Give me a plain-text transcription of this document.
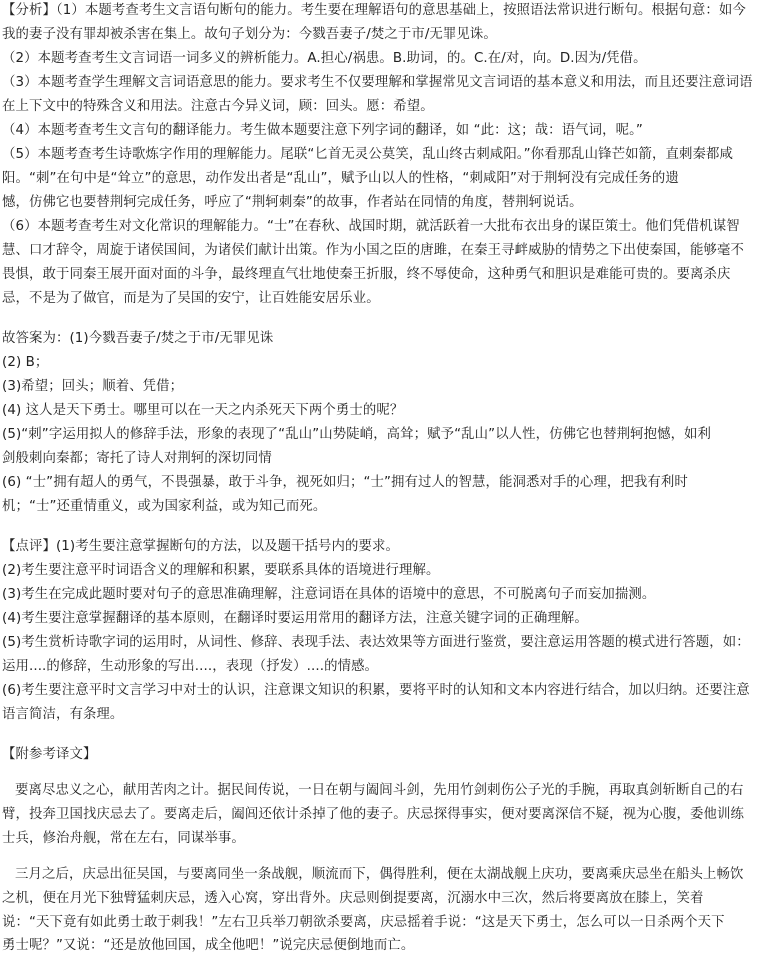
【分析】（1）本题考查考生文言语句断句的能力。考生要在理解语句的意思基础上，按照语法常识进行断句。根据句意：如今
我的妻子没有罪却被杀害在集上。故句子划分为：今戮吾妻子/焚之于市/无罪见诛。
（2）本题考查考生文言词语一词多义的辨析能力。A.担心/祸患。B.助词，的。C.在/对，向。D.因为/凭借。
（3）本题考查学生理解文言词语意思的能力。要求考生不仅要理解和掌握常见文言词语的基本意义和用法，而且还要注意词语
在上下文中的特殊含义和用法。注意古今异义词，顾：回头。愿：希望。
（4）本题考查考生文言句的翻译能力。考生做本题要注意下列字词的翻译，如 “此：这；哉：语气词，呢。”
（5）本题考查考生诗歌炼字作用的理解能力。尾联“匕首无灵公莫笑，乱山终古刺咸阳。”你看那乱山锋芒如箭，直刺秦都咸
阳。“刺”在句中是“耸立”的意思，动作发出者是“乱山”，赋予山以人的性格，“刺咸阳”对于荆轲没有完成任务的遗
憾，仿佛它也要替荆轲完成任务，呼应了“荆轲刺秦”的故事，作者站在同情的角度，替荆轲说话。
（6）本题考查考生对文化常识的理解能力。“士”在春秋、战国时期，就活跃着一大批布衣出身的谋臣策士。他们凭借机谋智
慧、口才辞令，周旋于诸侯国间，为诸侯们献计出策。作为小国之臣的唐雎，在秦王寻衅威胁的情势之下出使秦国，能够毫不
畏惧，敢于同秦王展开面对面的斗争，最终理直气壮地使秦王折服，终不辱使命，这种勇气和胆识是难能可贵的。要离杀庆
忌，不是为了做官，而是为了吴国的安宁，让百姓能安居乐业。
故答案为：(1)今戮吾妻子/焚之于市/无罪见诛
(2) B；
(3)希望；回头；顺着、凭借；
(4) 这人是天下勇士。哪里可以在一天之内杀死天下两个勇士的呢？
(5)“刺”字运用拟人的修辞手法，形象的表现了“乱山”山势陡峭，高耸；赋予“乱山”以人性，仿佛它也替荆轲抱憾，如利
剑般刺向秦都；寄托了诗人对荆轲的深切同情
(6) “士”拥有超人的勇气，不畏强暴，敢于斗争，视死如归；“士”拥有过人的智慧，能洞悉对手的心理，把我有利时
机；“士”还重情重义，或为国家利益，或为知己而死。
【点评】(1)考生要注意掌握断句的方法，以及题干括号内的要求。
(2)考生要注意平时词语含义的理解和积累，要联系具体的语境进行理解。
(3)考生在完成此题时要对句子的意思准确理解，注意词语在具体的语境中的意思，不可脱离句子而妄加揣测。
(4)考生要注意掌握翻译的基本原则，在翻译时要运用常用的翻译方法，注意关键字词的正确理解。
(5)考生赏析诗歌字词的运用时，从词性、修辞、表现手法、表达效果等方面进行鉴赏，要注意运用答题的模式进行答题，如：
运用....的修辞，生动形象的写出....，表现（抒发）....的情感。
(6)考生要注意平时文言学习中对士的认识，注意课文知识的积累，要将平时的认知和文本内容进行结合，加以归纳。还要注意
语言简洁，有条理。
【附参考译文】
要离尽忠义之心，献用苦肉之计。据民间传说，一日在朝与阖闾斗剑，先用竹剑刺伤公子光的手腕，再取真剑斩断自己的右
臂，投奔卫国找庆忌去了。要离走后，阖闾还依计杀掉了他的妻子。庆忌探得事实，便对要离深信不疑，视为心腹，委他训练
士兵，修治舟舰，常在左右，同谋举事。
三月之后，庆忌出征吴国，与要离同坐一条战舰，顺流而下，偶得胜利，便在太湖战舰上庆功，要离乘庆忌坐在船头上畅饮
之机，便在月光下独臂猛刺庆忌，透入心窝，穿出背外。庆忌则倒提要离，沉溺水中三次，然后将要离放在膝上，笑着
说：“天下竟有如此勇士敢于刺我！”左右卫兵举刀朝欲杀要离，庆忌摇着手说：“这是天下勇士，怎么可以一日杀两个天下
勇士呢？”又说：“还是放他回国，成全他吧！”说完庆忌便倒地而亡。
